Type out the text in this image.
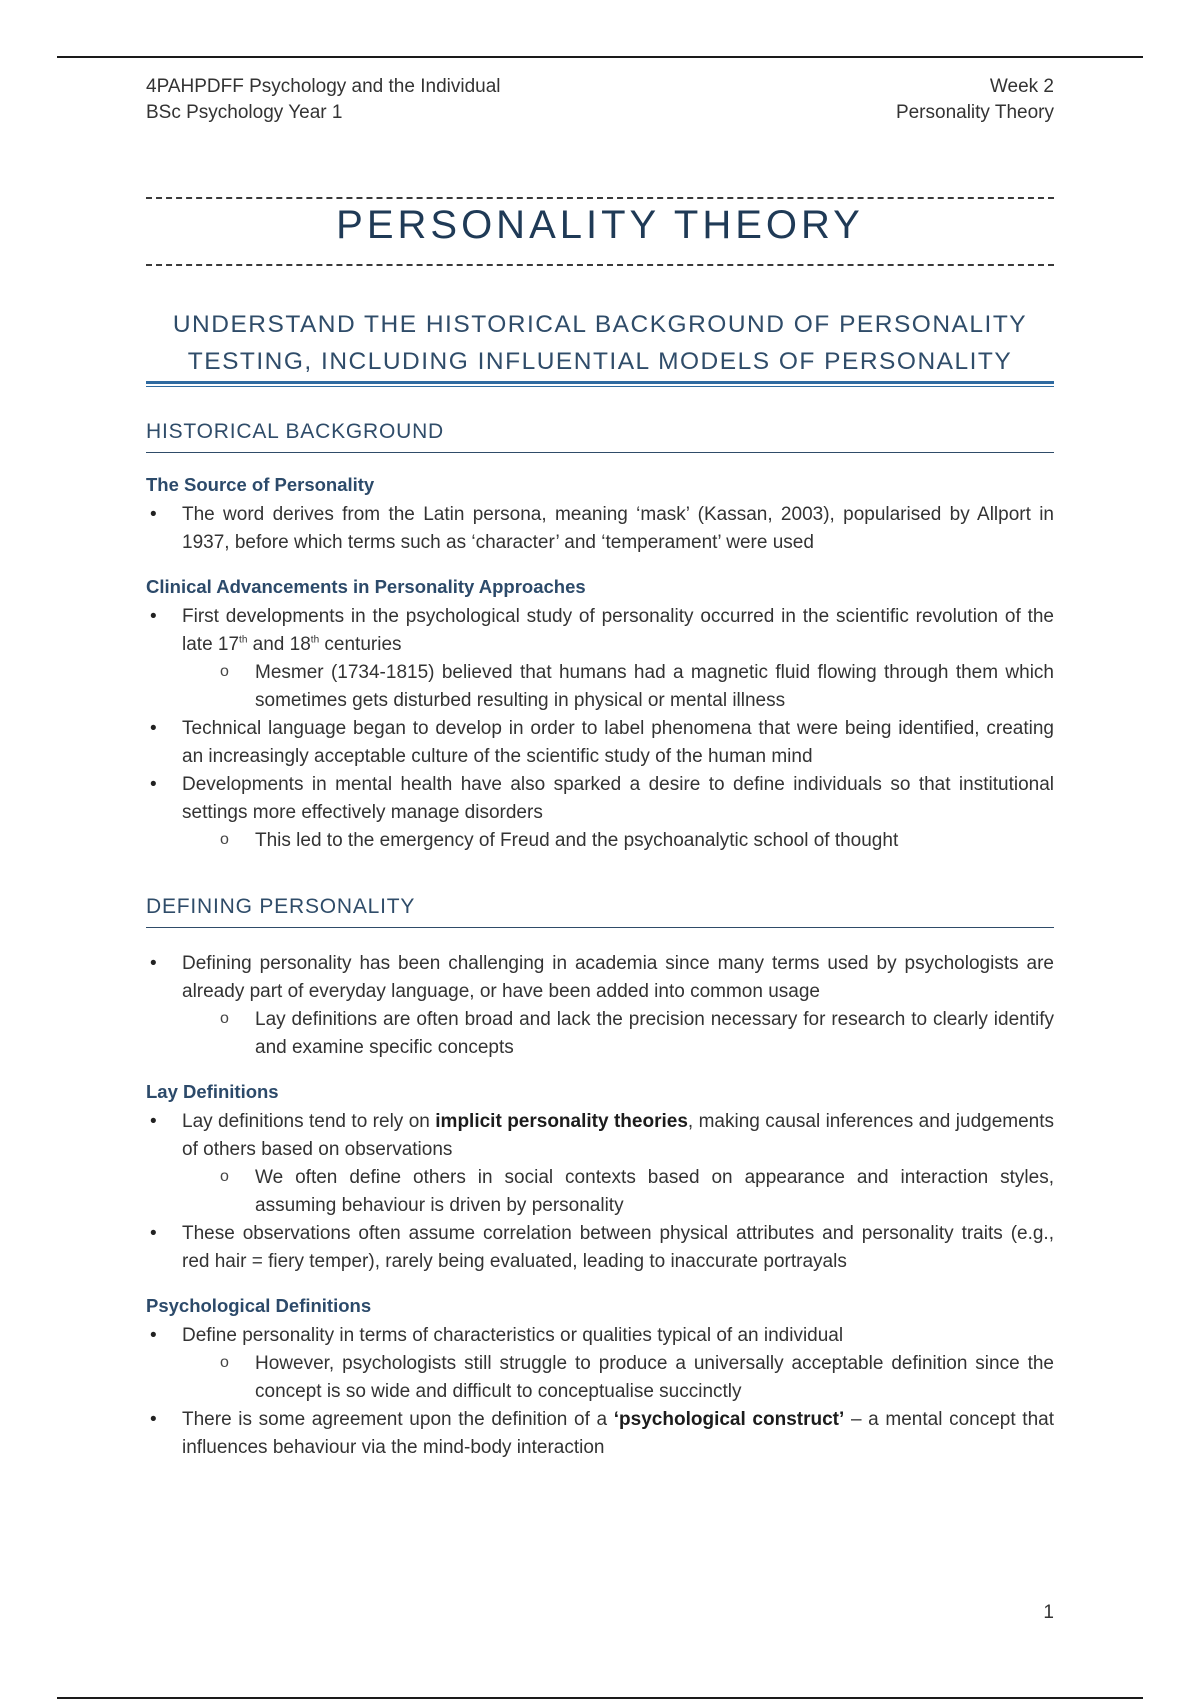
4PAHPDFF Psychology and the Individual
BSc Psychology Year 1
Week 2
Personality Theory
PERSONALITY THEORY
UNDERSTAND THE HISTORICAL BACKGROUND OF PERSONALITY
TESTING, INCLUDING INFLUENTIAL MODELS OF PERSONALITY
HISTORICAL BACKGROUND
The Source of Personality
• The word derives from the Latin persona, meaning ‘mask’ (Kassan, 2003), popularised by Allport in 1937, before which terms such as ‘character’ and ‘temperament’ were used
Clinical Advancements in Personality Approaches
• First developments in the psychological study of personality occurred in the scientific revolution of the late 17th and 18th centuries
o Mesmer (1734-1815) believed that humans had a magnetic fluid flowing through them which sometimes gets disturbed resulting in physical or mental illness
• Technical language began to develop in order to label phenomena that were being identified, creating an increasingly acceptable culture of the scientific study of the human mind
• Developments in mental health have also sparked a desire to define individuals so that institutional settings more effectively manage disorders
o This led to the emergency of Freud and the psychoanalytic school of thought
DEFINING PERSONALITY
• Defining personality has been challenging in academia since many terms used by psychologists are already part of everyday language, or have been added into common usage
o Lay definitions are often broad and lack the precision necessary for research to clearly identify and examine specific concepts
Lay Definitions
• Lay definitions tend to rely on implicit personality theories, making causal inferences and judgements of others based on observations
o We often define others in social contexts based on appearance and interaction styles, assuming behaviour is driven by personality
• These observations often assume correlation between physical attributes and personality traits (e.g., red hair = fiery temper), rarely being evaluated, leading to inaccurate portrayals
Psychological Definitions
• Define personality in terms of characteristics or qualities typical of an individual
o However, psychologists still struggle to produce a universally acceptable definition since the concept is so wide and difficult to conceptualise succinctly
• There is some agreement upon the definition of a ‘psychological construct’ – a mental concept that influences behaviour via the mind-body interaction
1
